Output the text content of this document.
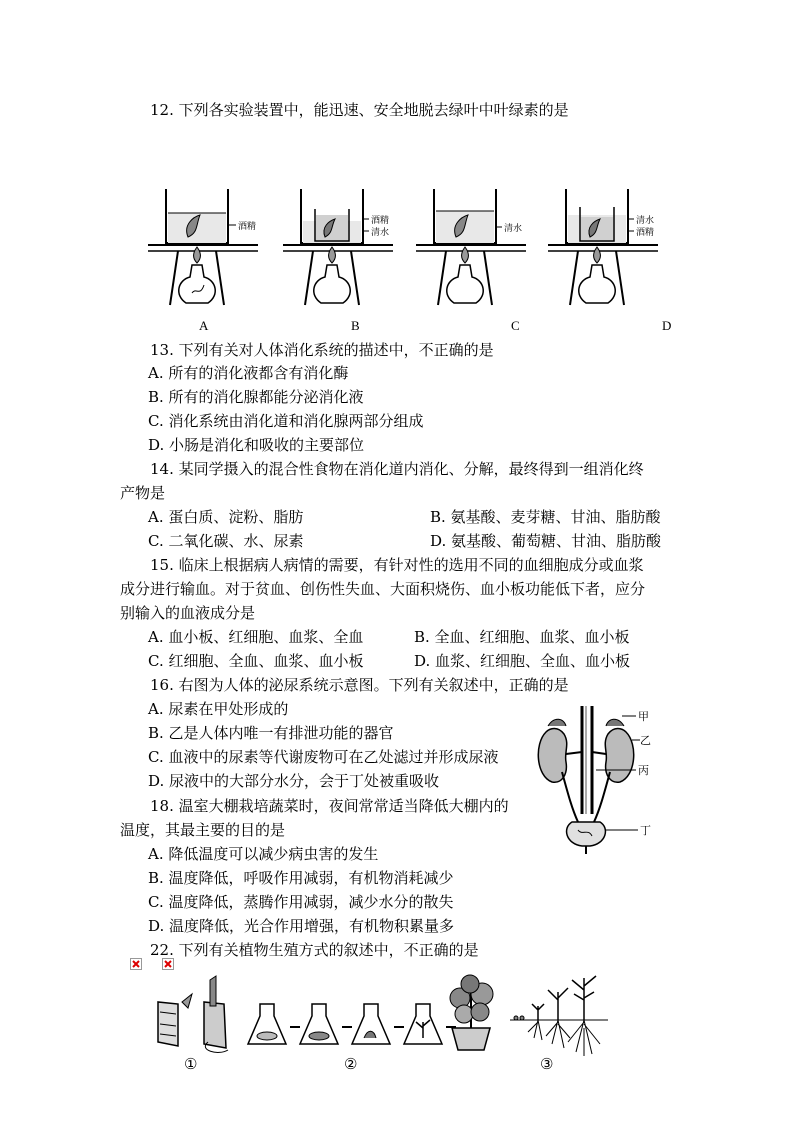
12. 下列各实验装置中，能迅速、安全地脱去绿叶中叶绿素的是
酒精
酒精
清水	清水
清水
酒精
A	B	C	D
13. 下列有关对人体消化系统的描述中，不正确的是
A. 所有的消化液都含有消化酶
B. 所有的消化腺都能分泌消化液
C. 消化系统由消化道和消化腺两部分组成
D. 小肠是消化和吸收的主要部位
14. 某同学摄入的混合性食物在消化道内消化、分解，最终得到一组消化终
产物是
A. 蛋白质、淀粉、脂肪	B. 氨基酸、麦芽糖、甘油、脂肪酸
C. 二氧化碳、水、尿素	D. 氨基酸、葡萄糖、甘油、脂肪酸
15. 临床上根据病人病情的需要，有针对性的选用不同的血细胞成分或血浆
成分进行输血。对于贫血、创伤性失血、大面积烧伤、血小板功能低下者，应分
别输入的血液成分是
A. 血小板、红细胞、血浆、全血	B. 全血、红细胞、血浆、血小板
C. 红细胞、全血、血浆、血小板	D. 血浆、红细胞、全血、血小板
16. 右图为人体的泌尿系统示意图。下列有关叙述中，正确的是
A. 尿素在甲处形成的
B. 乙是人体内唯一有排泄功能的器官
C. 血液中的尿素等代谢废物可在乙处滤过并形成尿液
D. 尿液中的大部分水分，会于丁处被重吸收
甲
乙
丙
丁
18. 温室大棚栽培蔬菜时，夜间常常适当降低大棚内的
温度，其最主要的目的是
A. 降低温度可以减少病虫害的发生
B. 温度降低，呼吸作用减弱，有机物消耗减少
C. 温度降低，蒸腾作用减弱，减少水分的散失
D. 温度降低，光合作用增强，有机物积累量多
22. 下列有关植物生殖方式的叙述中，不正确的是
①	②	③
